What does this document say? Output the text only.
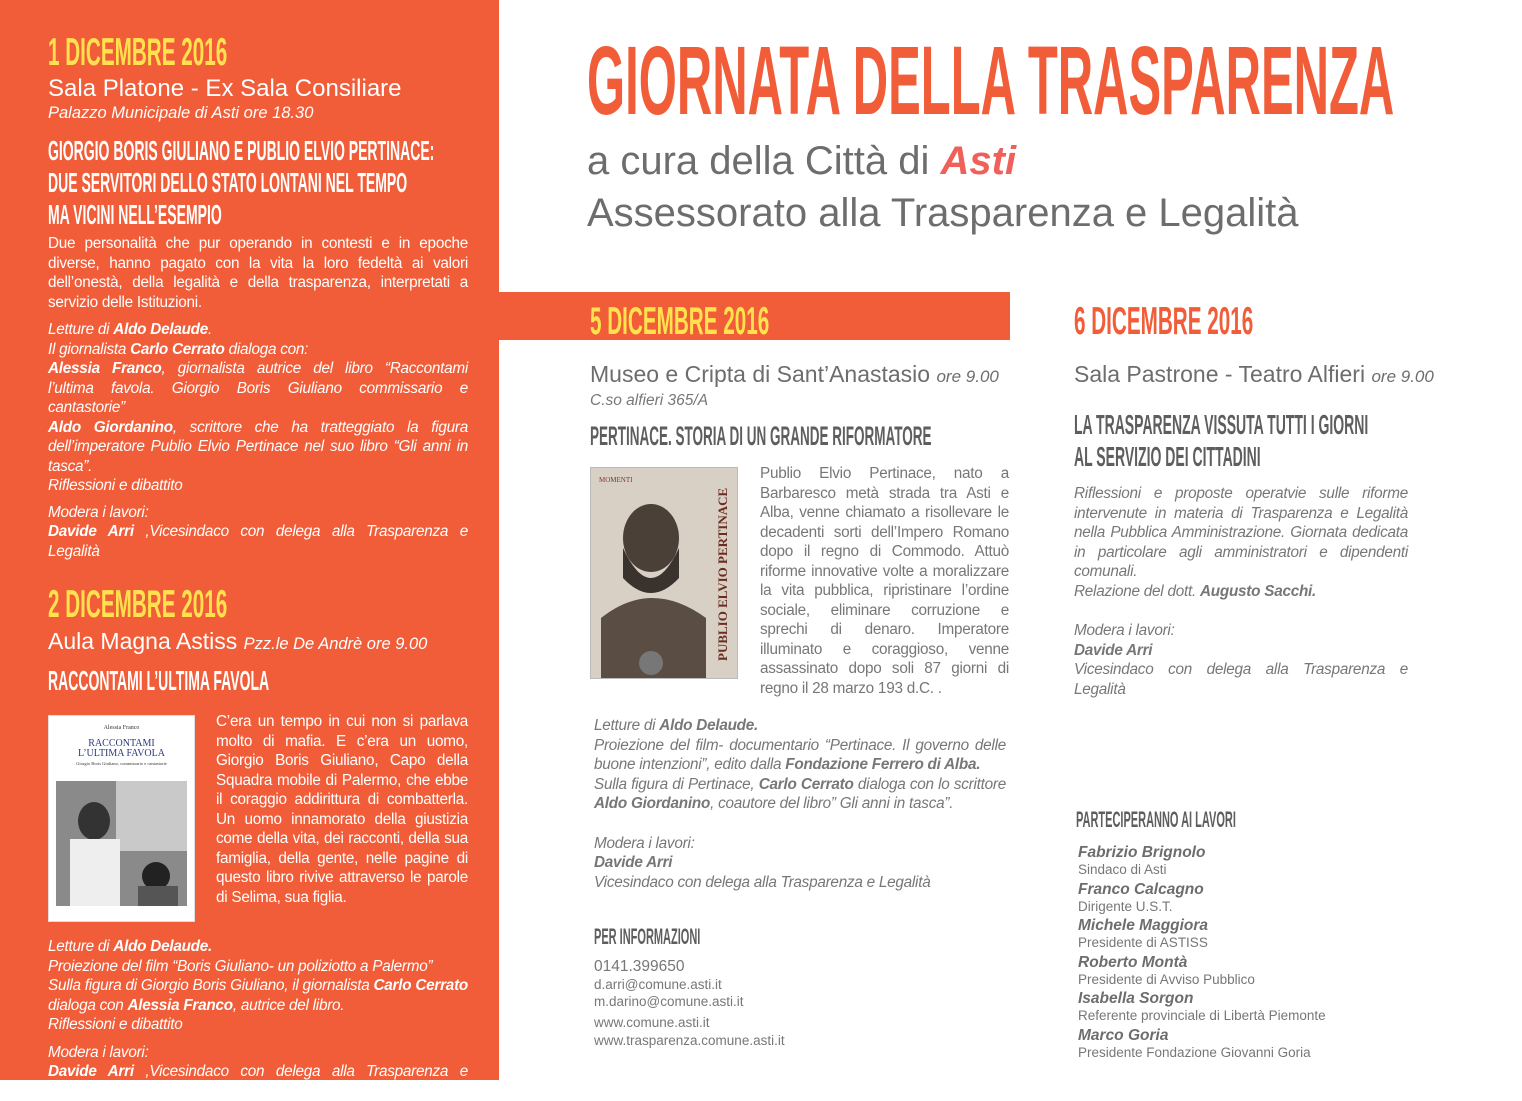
1 DICEMBRE 2016
Sala Platone - Ex Sala Consiliare
Palazzo Municipale di Asti ore 18.30
GIORGIO BORIS GIULIANO E PUBLIO ELVIO PERTINACE:
DUE SERVITORI DELLO STATO LONTANI NEL TEMPO
MA VICINI NELL’ESEMPIO
Due personalità che pur operando in contesti e in epoche diverse, hanno pagato con la vita la loro fedeltà ai valori dell’onestà, della legalità e della trasparenza, interpretati a servizio delle Istituzioni.
Letture di Aldo Delaude.
Il giornalista Carlo Cerrato dialoga con:
Alessia Franco, giornalista autrice del libro “Raccontami l’ultima favola. Giorgio Boris Giuliano commissario e cantastorie”
Aldo Giordanino, scrittore che ha tratteggiato la figura dell’imperatore Publio Elvio Pertinace nel suo libro “Gli anni in tasca”.
Riflessioni e dibattito
Modera i lavori:
Davide Arri ,Vicesindaco con delega alla Trasparenza e Legalità
2 DICEMBRE 2016
Aula Magna Astiss Pzz.le De Andrè ore 9.00
RACCONTAMI L’ULTIMA FAVOLA
Alessia Franco
RACCONTAMI
L’ULTIMA FAVOLA
Giorgio Boris Giuliano, commissario e cantastorie
C’era un tempo in cui non si parlava molto di mafia. E c’era un uomo, Giorgio Boris Giuliano, Capo della Squadra mobile di Palermo, che ebbe il coraggio addirittura di combatterla. Un uomo innamorato della giustizia come della vita, dei racconti, della sua famiglia, della gente, nelle pagine di questo libro rivive attraverso le parole di Selima, sua figlia.
Letture di Aldo Delaude.
Proiezione del film “Boris Giuliano- un poliziotto a Palermo”
Sulla figura di Giorgio Boris Giuliano, il giornalista Carlo Cerrato dialoga con Alessia Franco, autrice del libro.
Riflessioni e dibattito
Modera i lavori:
Davide Arri ,Vicesindaco con delega alla Trasparenza e Legalità
GIORNATA DELLA TRASPARENZA
a cura della Città di Asti
Assessorato alla Trasparenza e Legalità
5 DICEMBRE 2016
Museo e Cripta di Sant’Anastasio ore 9.00
C.so alfieri 365/A
PERTINACE. STORIA DI UN GRANDE RIFORMATORE
MOMENTI
PUBLIO ELVIO PERTINACE
Publio Elvio Pertinace, nato a Barbaresco metà strada tra Asti e Alba, venne chiamato a risollevare le decadenti sorti dell’Impero Romano dopo il regno di Commodo. Attuò riforme innovative volte a moralizzare la vita pubblica, ripristinare l’ordine sociale, eliminare corruzione e sprechi di denaro. Imperatore illuminato e coraggioso, venne assassinato dopo soli 87 giorni di regno il 28 marzo 193 d.C. .
Letture di Aldo Delaude.
Proiezione del film- documentario “Pertinace. Il governo delle buone intenzioni”, edito dalla Fondazione Ferrero di Alba.
Sulla figura di Pertinace, Carlo Cerrato dialoga con lo scrittore Aldo Giordanino, coautore del libro” Gli anni in tasca”.
Modera i lavori:
Davide Arri
Vicesindaco con delega alla Trasparenza e Legalità
PER INFORMAZIONI
0141.399650
d.arri@comune.asti.it
m.darino@comune.asti.it
www.comune.asti.it
www.trasparenza.comune.asti.it
6 DICEMBRE 2016
Sala Pastrone - Teatro Alfieri ore 9.00
LA TRASPARENZA VISSUTA TUTTI I GIORNI
AL SERVIZIO DEI CITTADINI
Riflessioni e proposte operatvie sulle riforme intervenute in materia di Trasparenza e Legalità nella Pubblica Amministrazione. Giornata dedicata in particolare agli amministratori e dipendenti comunali.
Relazione del dott. Augusto Sacchi.
Modera i lavori:
Davide Arri
Vicesindaco con delega alla Trasparenza e Legalità
PARTECIPERANNO AI LAVORI
Fabrizio Brignolo
Sindaco di Asti
Franco Calcagno
Dirigente U.S.T.
Michele Maggiora
Presidente di ASTISS
Roberto Montà
Presidente di Avviso Pubblico
Isabella Sorgon
Referente provinciale di Libertà Piemonte
Marco Goria
Presidente Fondazione Giovanni Goria
